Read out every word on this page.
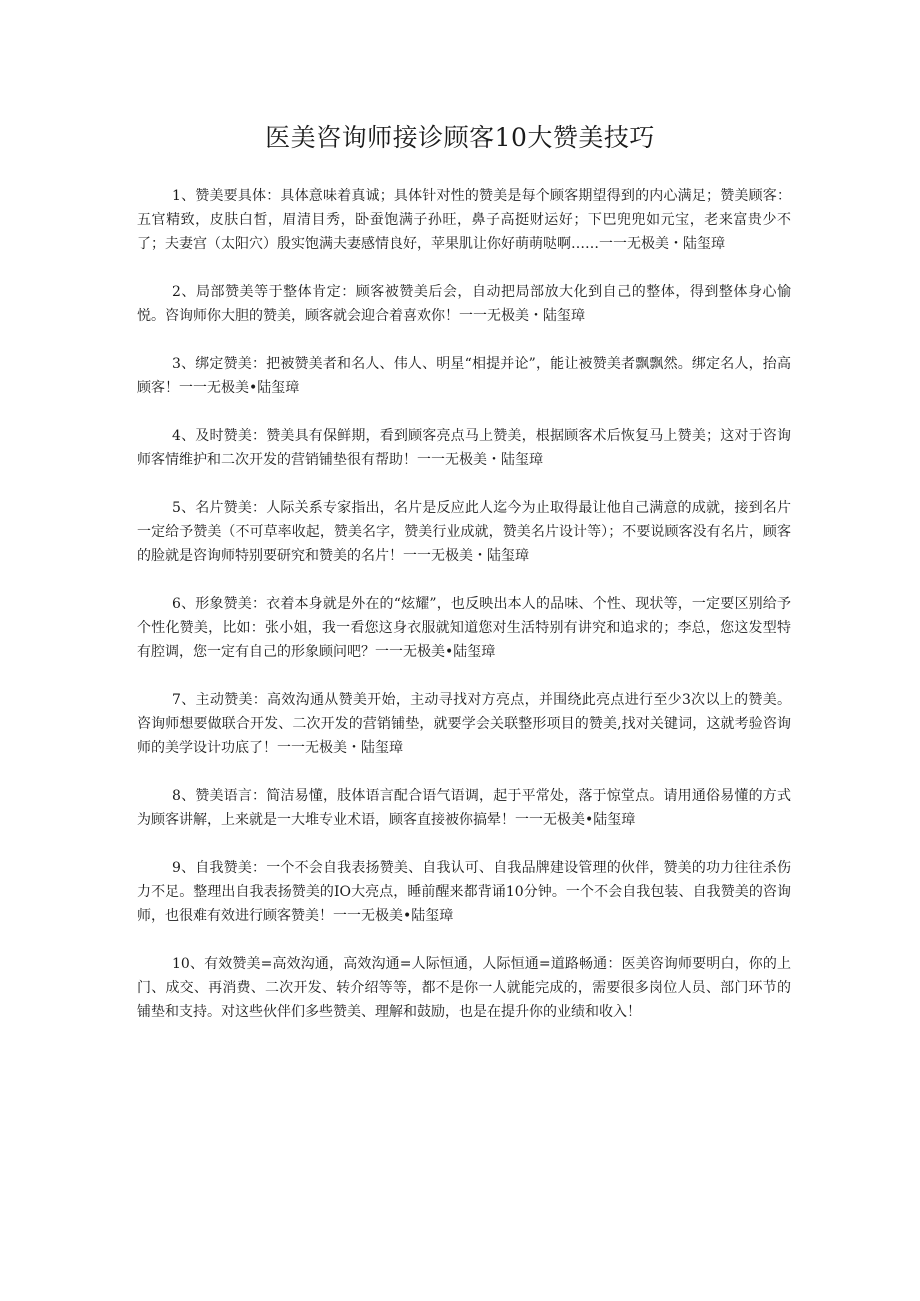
医美咨询师接诊顾客10大赞美技巧

1、赞美要具体：具体意味着真诚；具体针对性的赞美是每个顾客期望得到的内心满足；赞美顾客：五官精致，皮肤白皙，眉清目秀，卧蚕饱满子孙旺，鼻子高挺财运好；下巴兜兜如元宝，老来富贵少不了；夫妻宫（太阳穴）殷实饱满夫妻感情良好，苹果肌让你好萌萌哒啊……一一无极美・陆玺璋

2、局部赞美等于整体肯定：顾客被赞美后会，自动把局部放大化到自己的整体，得到整体身心愉悦。咨询师你大胆的赞美，顾客就会迎合着喜欢你！一一无极美・陆玺璋

3、绑定赞美：把被赞美者和名人、伟人、明星“相提并论”，能让被赞美者飘飘然。绑定名人，抬高顾客！一一无极美•陆玺璋

4、及时赞美：赞美具有保鲜期，看到顾客亮点马上赞美，根据顾客术后恢复马上赞美；这对于咨询师客情维护和二次开发的营销铺垫很有帮助！一一无极美・陆玺璋

5、名片赞美：人际关系专家指出，名片是反应此人迄今为止取得最让他自己满意的成就，接到名片一定给予赞美（不可草率收起，赞美名字，赞美行业成就，赞美名片设计等）；不要说顾客没有名片，顾客的脸就是咨询师特别要研究和赞美的名片！一一无极美・陆玺璋

6、形象赞美：衣着本身就是外在的“炫耀”，也反映出本人的品味、个性、现状等，一定要区别给予个性化赞美，比如：张小姐，我一看您这身衣服就知道您对生活特别有讲究和追求的；李总，您这发型特有腔调，您一定有自己的形象顾问吧？一一无极美•陆玺璋

7、主动赞美：高效沟通从赞美开始，主动寻找对方亮点，并围绕此亮点进行至少3次以上的赞美。咨询师想要做联合开发、二次开发的营销铺垫，就要学会关联整形项目的赞美,找对关键词，这就考验咨询师的美学设计功底了！一一无极美・陆玺璋

8、赞美语言：简洁易懂，肢体语言配合语气语调，起于平常处，落于惊堂点。请用通俗易懂的方式为顾客讲解，上来就是一大堆专业术语，顾客直接被你搞晕！一一无极美•陆玺璋

9、自我赞美：一个不会自我表扬赞美、自我认可、自我品牌建设管理的伙伴，赞美的功力往往杀伤力不足。整理出自我表扬赞美的IO大亮点，睡前醒来都背诵10分钟。一个不会自我包装、自我赞美的咨询师，也很难有效进行顾客赞美！一一无极美•陆玺璋

10、有效赞美=高效沟通，高效沟通=人际恒通，人际恒通=道路畅通：医美咨询师要明白，你的上门、成交、再消费、二次开发、转介绍等等，都不是你一人就能完成的，需要很多岗位人员、部门环节的铺垫和支持。对这些伙伴们多些赞美、理解和鼓励，也是在提升你的业绩和收入！
